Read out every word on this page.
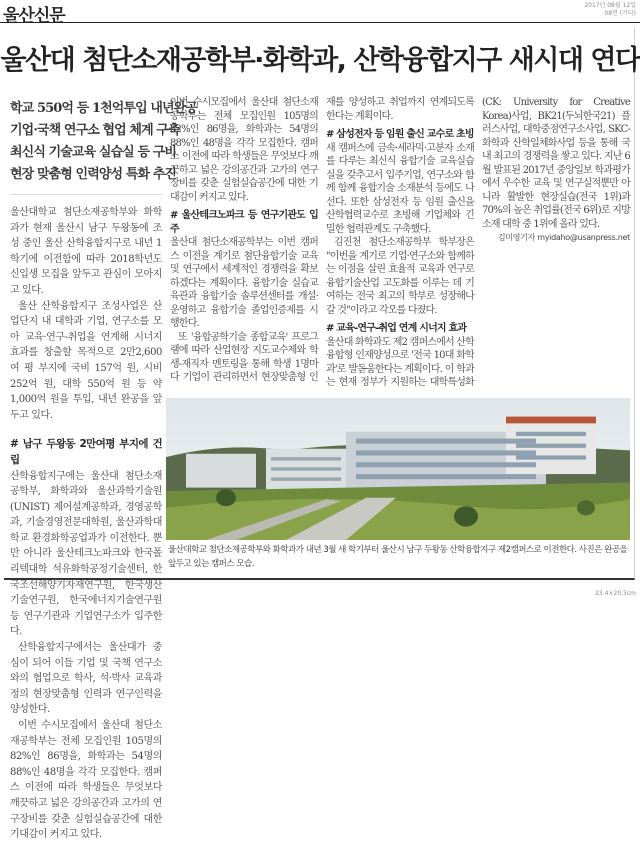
울산신문
2017년 08월 12일
08면 (기타)
울산대 첨단소재공학부·화학과, 산학융합지구 새시대 연다
학교 550억 등 1천억투입 내년완공
기업·국책 연구소 협업 체계 구축
최신식 기술교육 실습실 등 구비
현장 맞춤형 인력양성 특화 추진

울산대학교 첨단소재공학부와 화학과가 현재 울산시 남구 두왕동에 조성 중인 울산 산학융합지구로 내년 1학기에 이전함에 따라 2018학년도 신입생 모집을 앞두고 관심이 모아지고 있다.

울산 산학융합지구 조성사업은 산업단지 내 대학과 기업, 연구소를 모아 교육·연구-취업을 연계해 시너지 효과를 창출할 목적으로 2만2,600여 평 부지에 국비 157억 원, 시비 252억 원, 대학 550억 원 등 약 1,000억 원을 투입, 내년 완공을 앞두고 있다.

# 남구 두왕동 2만여평 부지에 건립

산학융합지구에는 울산대 첨단소재공학부, 화학과와 울산과학기술원(UNIST) 제어설계공학과, 경영공학과, 기술경영전문대학원, 울산과학대학교 환경화학공업과가 이전한다. 뿐만 아니라 울산테크노파크와 한국폴리텍대학 석유화학공정기술센터, 한국조선해양기자재연구원, 한국생산기술연구원, 한국에너지기술연구원 등 연구기관과 기업연구소가 입주한다.

산학융합지구에서는 울산대가 중심이 되어 이들 기업 및 국책 연구소와의 협업으로 학사, 석·박사 교육과정의 현장맞춤형 인력과 연구인력을 양성한다.

이번 수시모집에서 울산대 첨단소재공학부는 전체 모집인원 105명의 82%인 86명을, 화학과는 54명의 88%인 48명을 각각 모집한다. 캠퍼스 이전에 따라 학생들은 무엇보다 깨끗하고 넓은 강의공간과 고가의 연구장비를 갖춘 실험실습공간에 대한 기대감이 커지고 있다.

이번 수시모집에서 울산대 첨단소재공학부는 전체 모집인원 105명의 82%인 86명을, 화학과는 54명의 88%인 48명을 각각 모집한다. 캠퍼스 이전에 따라 학생들은 무엇보다 깨끗하고 넓은 강의공간과 고가의 연구장비를 갖춘 실험실습공간에 대한 기대감이 커지고 있다.

# 울산테크노파크 등 연구기관도 입주

울산대 첨단소재공학부는 이번 캠퍼스 이전을 계기로 첨단융합기술 교육 및 연구에서 세계적인 경쟁력을 확보하겠다는 계획이다. 융합기술 실습교육관과 융합기술 솔루션센터를 개설·운영하고 융합기술 졸업인증제를 시행한다.

또 '융합공학기술 종합교육' 프로그램에 따라 산업현장 지도교수제와 학생-재직자 멘토링을 통해 학생 1명마다 기업이 관리하면서 현장맞춤형 인재를 양성하고 취업까지 연계되도록 한다는 계획이다.

# 삼성전자 등 임원 출신 교수로 초빙

새 캠퍼스에 금속·세라믹·고분자 소재를 다루는 최신식 융합기술 교육실습실을 갖추고서 입주기업, 연구소와 함께 함께 융합기술 소재분석 등에도 나선다. 또한 삼성전자 등 임원 출신을 산학협력교수로 초빙해 기업체와 긴밀한 협력관계도 구축했다.

김진천 첨단소재공학부 학부장은 "이번을 계기로 기업·연구소와 함께하는 이점을 살린 효율적 교육과 연구로 융합기술산업 고도화를 이루는 데 기여하는 전국 최고의 학부로 성장해나갈 것"이라고 각오를 다졌다.

# 교육-연구-취업 연계 시너지 효과

울산대 화학과도 제2 캠퍼스에서 산학융합형 인재양성으로 '전국 10대 화학과'로 발돋움한다는 계획이다. 이 학과는 현재 정부가 지원하는 대학특성화(CK: University for Creative Korea)사업, BK21(두뇌한국21) 플러스사업, 대학중점연구소사업, SKC-화학과 산학일체화사업 등을 통해 국내 최고의 경쟁력을 쌓고 있다. 지난 6월 발표된 2017년 중앙일보 학과평가에서 우수한 교육 및 연구실적뿐만 아니라 활발한 현장실습(전국 1위)과 70%의 높은 취업률(전국 6위)로 지방 소재 대학 중 1위에 올라 있다.

김미영기자 myidaho@usanpress.net

울산대학교 첨단소재공학부와 화학과가 내년 3월 새 학기부터 울산시 남구 두왕동 산학융합지구 제2캠퍼스로 이전한다. 사진은 완공을 앞두고 있는 캠퍼스 모습.
23.4×20.3cm
